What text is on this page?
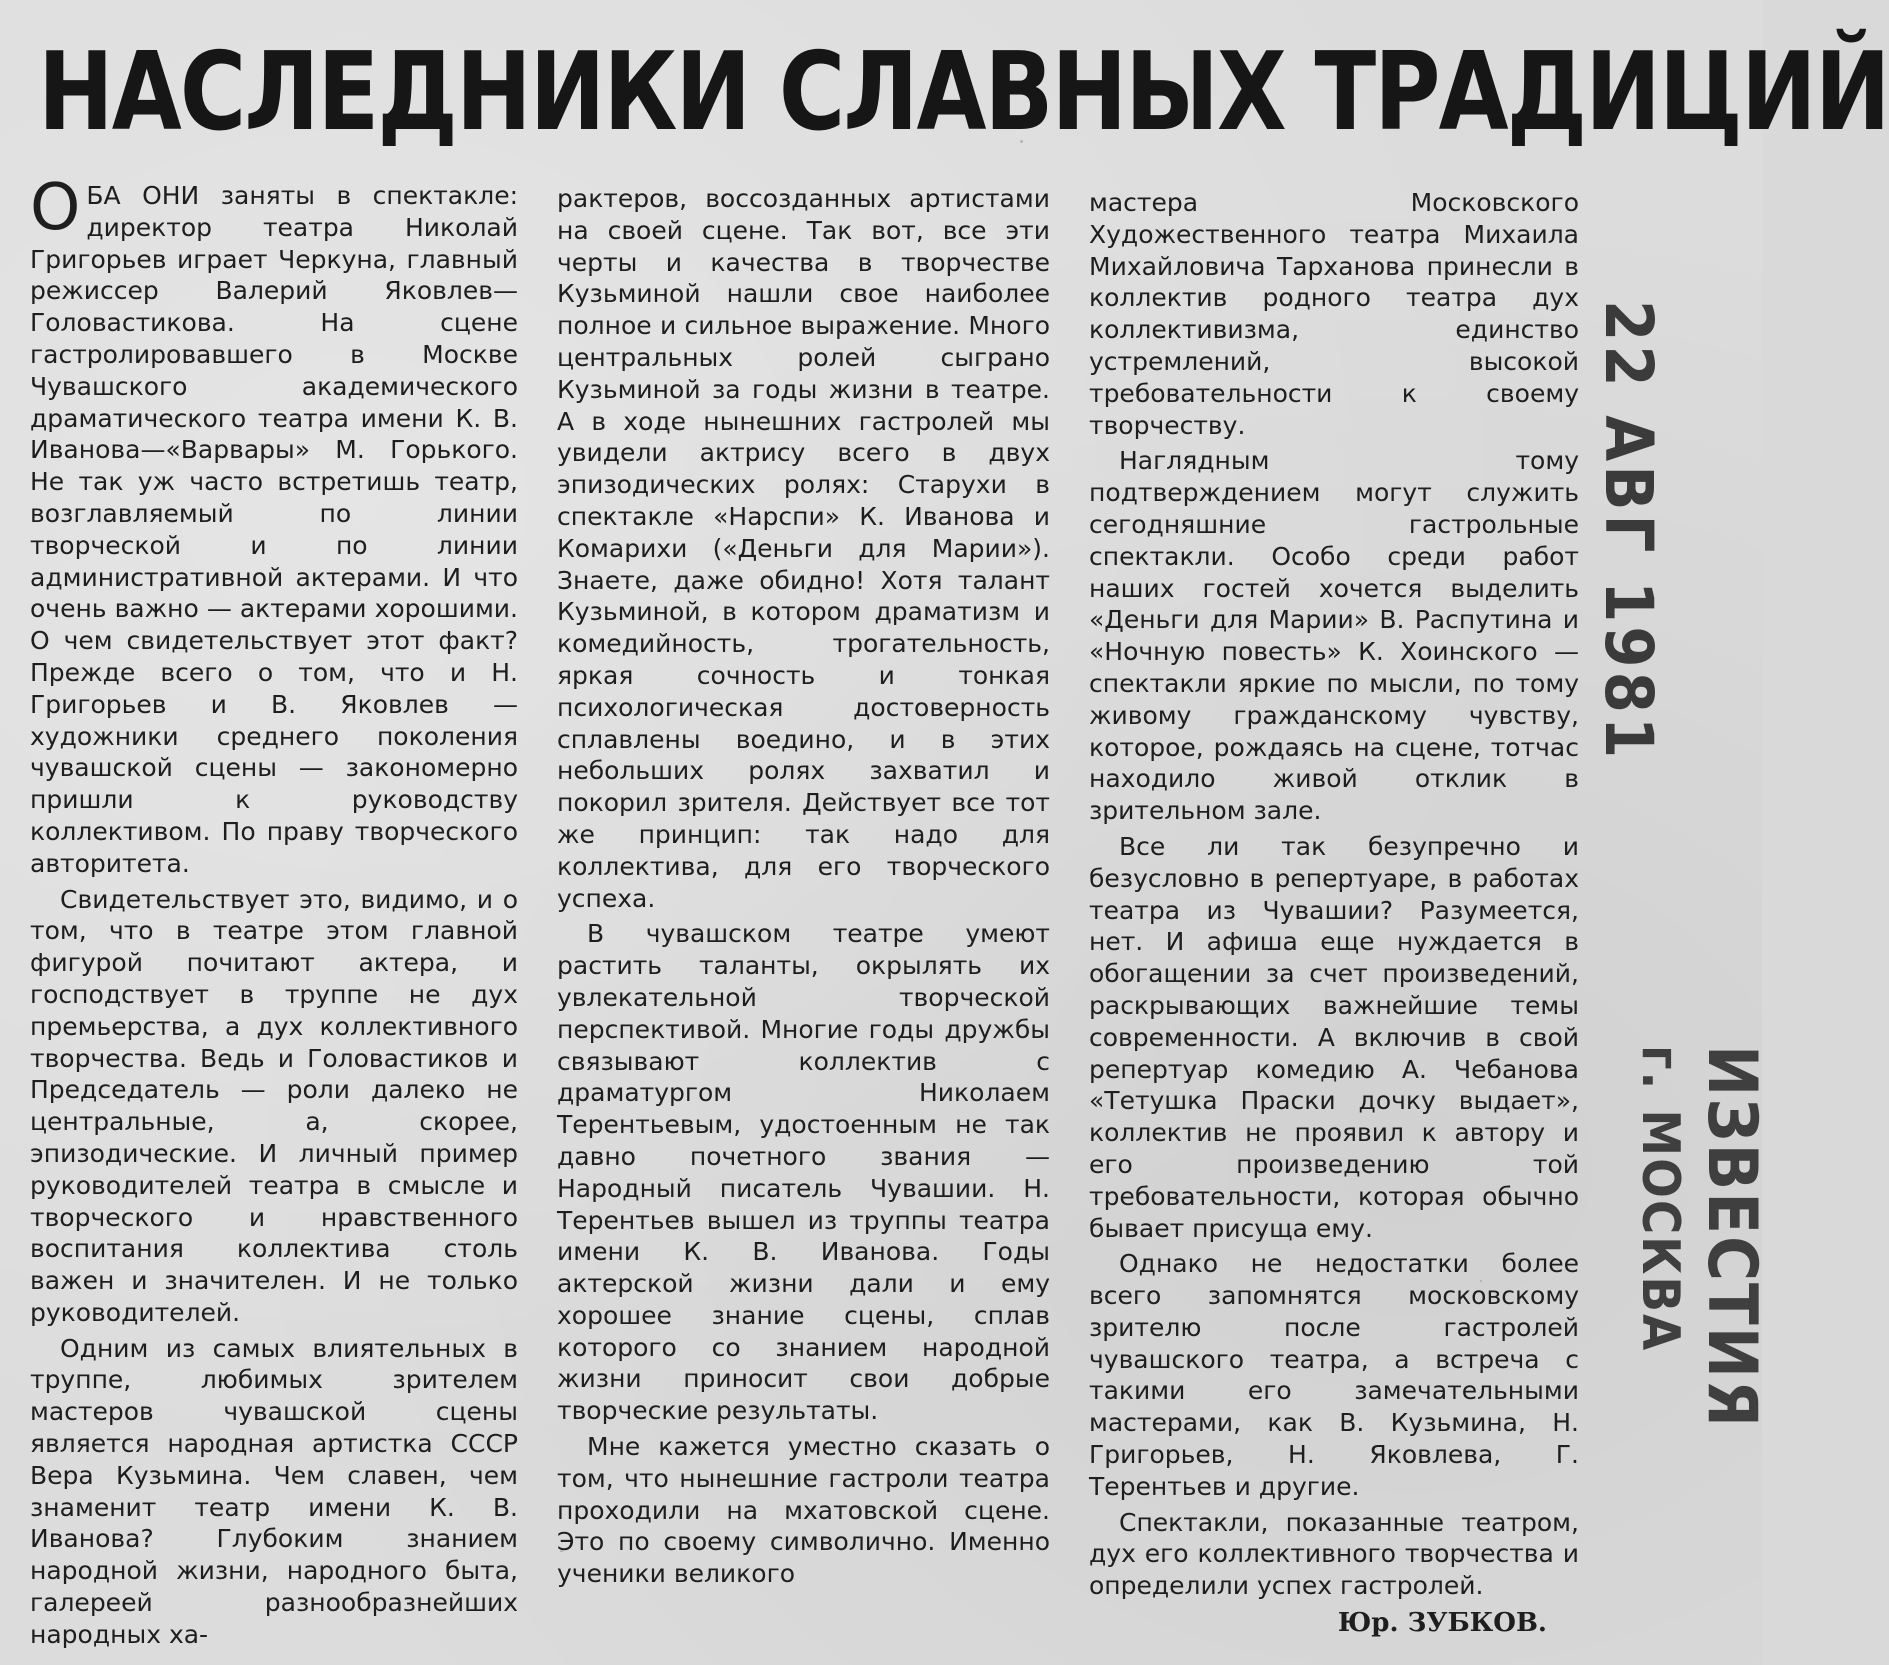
НАСЛЕДНИКИ СЛАВНЫХ ТРАДИЦИЙ

ОБА ОНИ заняты в спектакле: директор театра Николай Григорьев играет Черкуна, главный режиссер Валерий Яковлев—Головастикова. На сцене гастролировавшего в Москве Чувашского академического драматического театра имени К. В. Иванова—«Варвары» М. Горького. Не так уж часто встретишь театр, возглавляемый по линии творческой и по линии административной актерами. И что очень важно — актерами хорошими. О чем свидетельствует этот факт? Прежде всего о том, что и Н. Григорьев и В. Яковлев — художники среднего поколения чувашской сцены — закономерно пришли к руководству коллективом. По праву творческого авторитета.

Свидетельствует это, видимо, и о том, что в театре этом главной фигурой почитают актера, и господствует в труппе не дух премьерства, а дух коллективного творчества. Ведь и Головастиков и Председатель — роли далеко не центральные, а, скорее, эпизодические. И личный пример руководителей театра в смысле и творческого и нравственного воспитания коллектива столь важен и значителен. И не только руководителей.

Одним из самых влиятельных в труппе, любимых зрителем мастеров чувашской сцены является народная артистка СССР Вера Кузьмина. Чем славен, чем знаменит театр имени К. В. Иванова? Глубоким знанием народной жизни, народного быта, галереей разнообразнейших народных ха-

рактеров, воссозданных артистами на своей сцене. Так вот, все эти черты и качества в творчестве Кузьминой нашли свое наиболее полное и сильное выражение. Много центральных ролей сыграно Кузьминой за годы жизни в театре. А в ходе нынешних гастролей мы увидели актрису всего в двух эпизодических ролях: Старухи в спектакле «Нарспи» К. Иванова и Комарихи («Деньги для Марии»). Знаете, даже обидно! Хотя талант Кузьминой, в котором драматизм и комедийность, трогательность, яркая сочность и тонкая психологическая достоверность сплавлены воедино, и в этих небольших ролях захватил и покорил зрителя. Действует все тот же принцип: так надо для коллектива, для его творческого успеха.

В чувашском театре умеют растить таланты, окрылять их увлекательной творческой перспективой. Многие годы дружбы связывают коллектив с драматургом Николаем Терентьевым, удостоенным не так давно почетного звания — Народный писатель Чувашии. Н. Терентьев вышел из труппы театра имени К. В. Иванова. Годы актерской жизни дали и ему хорошее знание сцены, сплав которого со знанием народной жизни приносит свои добрые творческие результаты.

Мне кажется уместно сказать о том, что нынешние гастроли театра проходили на мхатовской сцене. Это по своему символично. Именно ученики великого

мастера Московского Художественного театра Михаила Михайловича Тарханова принесли в коллектив родного театра дух коллективизма, единство устремлений, высокой требовательности к своему творчеству.

Наглядным тому подтверждением могут служить сегодняшние гастрольные спектакли. Особо среди работ наших гостей хочется выделить «Деньги для Марии» В. Распутина и «Ночную повесть» К. Хоинского — спектакли яркие по мысли, по тому живому гражданскому чувству, которое, рождаясь на сцене, тотчас находило живой отклик в зрительном зале.

Все ли так безупречно и безусловно в репертуаре, в работах театра из Чувашии? Разумеется, нет. И афиша еще нуждается в обогащении за счет произведений, раскрывающих важнейшие темы современности. А включив в свой репертуар комедию А. Чебанова «Тетушка Праски дочку выдает», коллектив не проявил к автору и его произведению той требовательности, которая обычно бывает присуща ему.

Однако не недостатки более всего запомнятся московскому зрителю после гастролей чувашского театра, а встреча с такими его замечательными мастерами, как В. Кузьмина, Н. Григорьев, Н. Яковлева, Г. Терентьев и другие.

Спектакли, показанные театром, дух его коллективного творчества и определили успех гастролей.

Юр. ЗУБКОВ.
22 АВГ 1981
ИЗВЕСТИЯ
г. МОСКВА
